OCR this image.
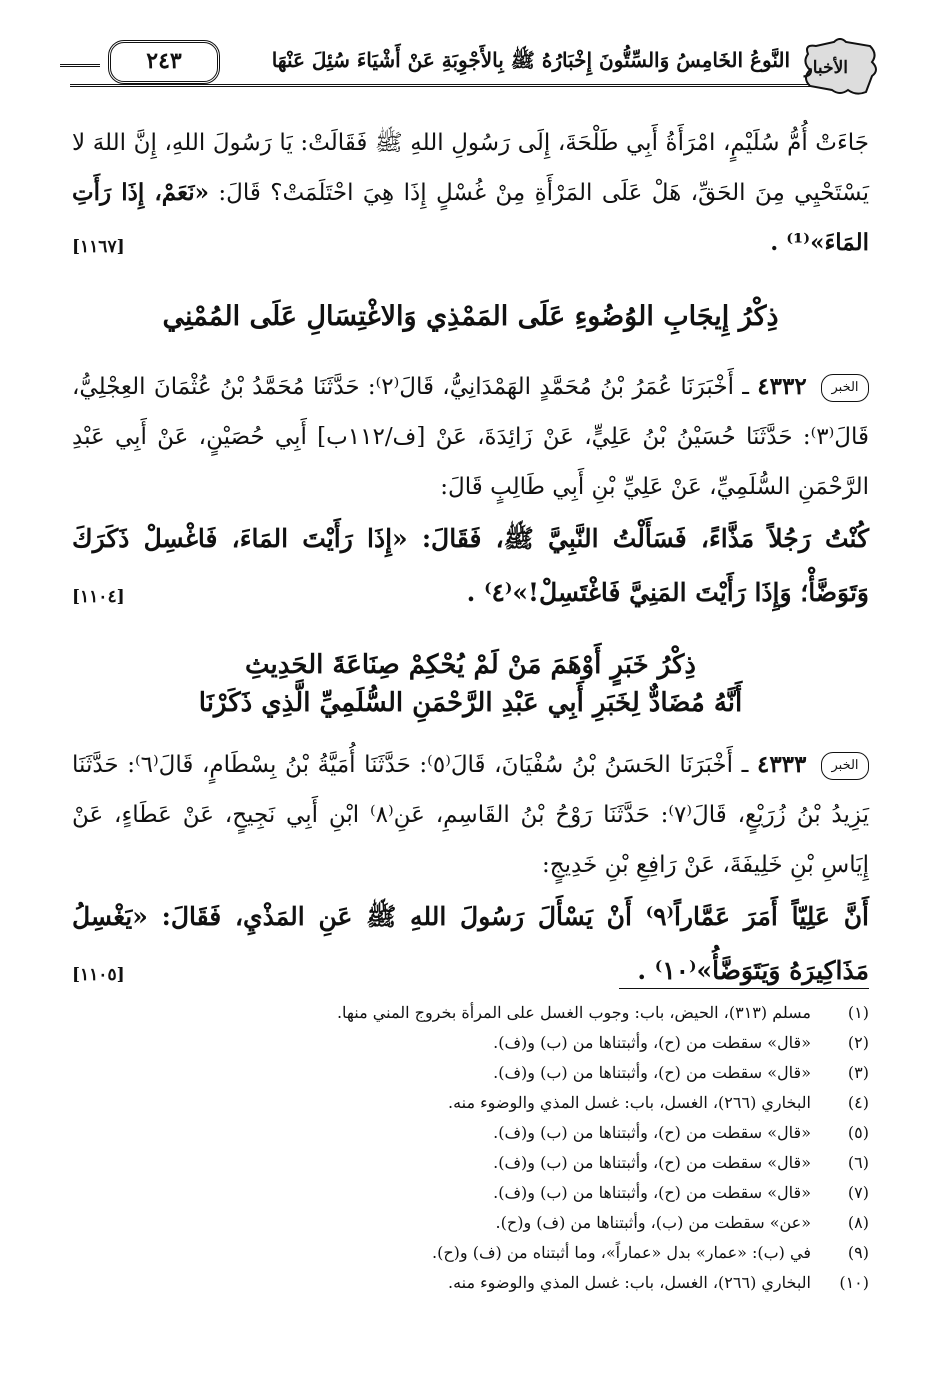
الأخبار
النَّوعُ الخَامِسُ وَالسِّتُّونَ إِخْبَارُهُ ﷺ بِالأَجْوِبَةِ عَنْ أَشْيَاءَ سُئِلَ عَنْهَا
٢٤٣

جَاءَتْ أُمُّ سُلَيْمٍ، امْرَأَةُ أَبِي طَلْحَةَ، إِلَى رَسُولِ اللهِ ﷺ فَقَالَتْ: يَا رَسُولَ اللهِ، إِنَّ اللهَ لا يَسْتَحْيِي مِنَ الحَقِّ، هَلْ عَلَى المَرْأَةِ مِنْ غُسْلٍ إِذَا هِيَ احْتَلَمَتْ؟ قَالَ: «نَعَمْ، إِذَا رَأَتِ المَاءَ»⁽¹⁾ .
[١١٦٧]

ذِكْرُ إِيجَابِ الوُضُوءِ عَلَى المَمْذِي وَالاغْتِسَالِ عَلَى المُمْنِي

الخبر ٤٣٣٢ ـ أَخْبَرَنَا عُمَرُ بْنُ مُحَمَّدٍ الهَمْدَانِيُّ، قَالَ⁽٢⁾: حَدَّثَنَا مُحَمَّدُ بْنُ عُثْمَانَ العِجْلِيُّ، قَالَ⁽٣⁾: حَدَّثَنَا حُسَيْنُ بْنُ عَلِيٍّ، عَنْ زَائِدَةَ، عَنْ [ف/١١٢ب] أَبِي حُصَيْنٍ، عَنْ أَبِي عَبْدِ الرَّحْمَنِ السُّلَمِيِّ، عَنْ عَلِيِّ بْنِ أَبِي طَالِبٍ قَالَ:

كُنْتُ رَجُلاً مَذَّاءً، فَسَأَلْتُ النَّبِيَّ ﷺ، فَقَالَ: «إِذَا رَأَيْتَ المَاءَ، فَاغْسِلْ ذَكَرَكَ وَتَوَضَّأْ؛ وَإِذَا رَأَيْتَ المَنِيَّ فَاغْتَسِلْ!»⁽٤⁾ .
[١١٠٤]

ذِكْرُ خَبَرٍ أَوْهَمَ مَنْ لَمْ يُحْكِمْ صِنَاعَةَ الحَدِيثِ
أَنَّهُ مُضَادٌّ لِخَبَرِ أَبِي عَبْدِ الرَّحْمَنِ السُّلَمِيِّ الَّذِي ذَكَرْنَا

الخبر ٤٣٣٣ ـ أَخْبَرَنَا الحَسَنُ بْنُ سُفْيَانَ، قَالَ⁽٥⁾: حَدَّثَنَا أُمَيَّةُ بْنُ بِسْطَامٍ، قَالَ⁽٦⁾: حَدَّثَنَا يَزِيدُ بْنُ زُرَيْعٍ، قَالَ⁽٧⁾: حَدَّثَنَا رَوْحُ بْنُ القَاسِمِ، عَنِ⁽٨⁾ ابْنِ أَبِي نَجِيحٍ، عَنْ عَطَاءٍ، عَنْ إِيَاسِ بْنِ خَلِيفَةَ، عَنْ رَافِعِ بْنِ خَدِيجٍ:

أَنَّ عَلِيّاً أَمَرَ عَمَّاراً⁽٩⁾ أَنْ يَسْأَلَ رَسُولَ اللهِ ﷺ عَنِ المَذْيِ، فَقَالَ: «يَغْسِلُ مَذَاكِيرَهُ وَيَتَوَضَّأُ»⁽١٠⁾ .
[١١٠٥]

(١)
مسلم (٣١٣)، الحيض، باب: وجوب الغسل على المرأة بخروج المني منها.
(٢)
«قال» سقطت من (ح)، وأثبتناها من (ب) و(ف).
(٣)
«قال» سقطت من (ح)، وأثبتناها من (ب) و(ف).
(٤)
البخاري (٢٦٦)، الغسل، باب: غسل المذي والوضوء منه.
(٥)
«قال» سقطت من (ح)، وأثبتناها من (ب) و(ف).
(٦)
«قال» سقطت من (ح)، وأثبتناها من (ب) و(ف).
(٧)
«قال» سقطت من (ح)، وأثبتناها من (ب) و(ف).
(٨)
«عن» سقطت من (ب)، وأثبتناها من (ف) و(ح).
(٩)
في (ب): «عمار» بدل «عماراً»، وما أثبتناه من (ف) و(ح).
(١٠)
البخاري (٢٦٦)، الغسل، باب: غسل المذي والوضوء منه.
